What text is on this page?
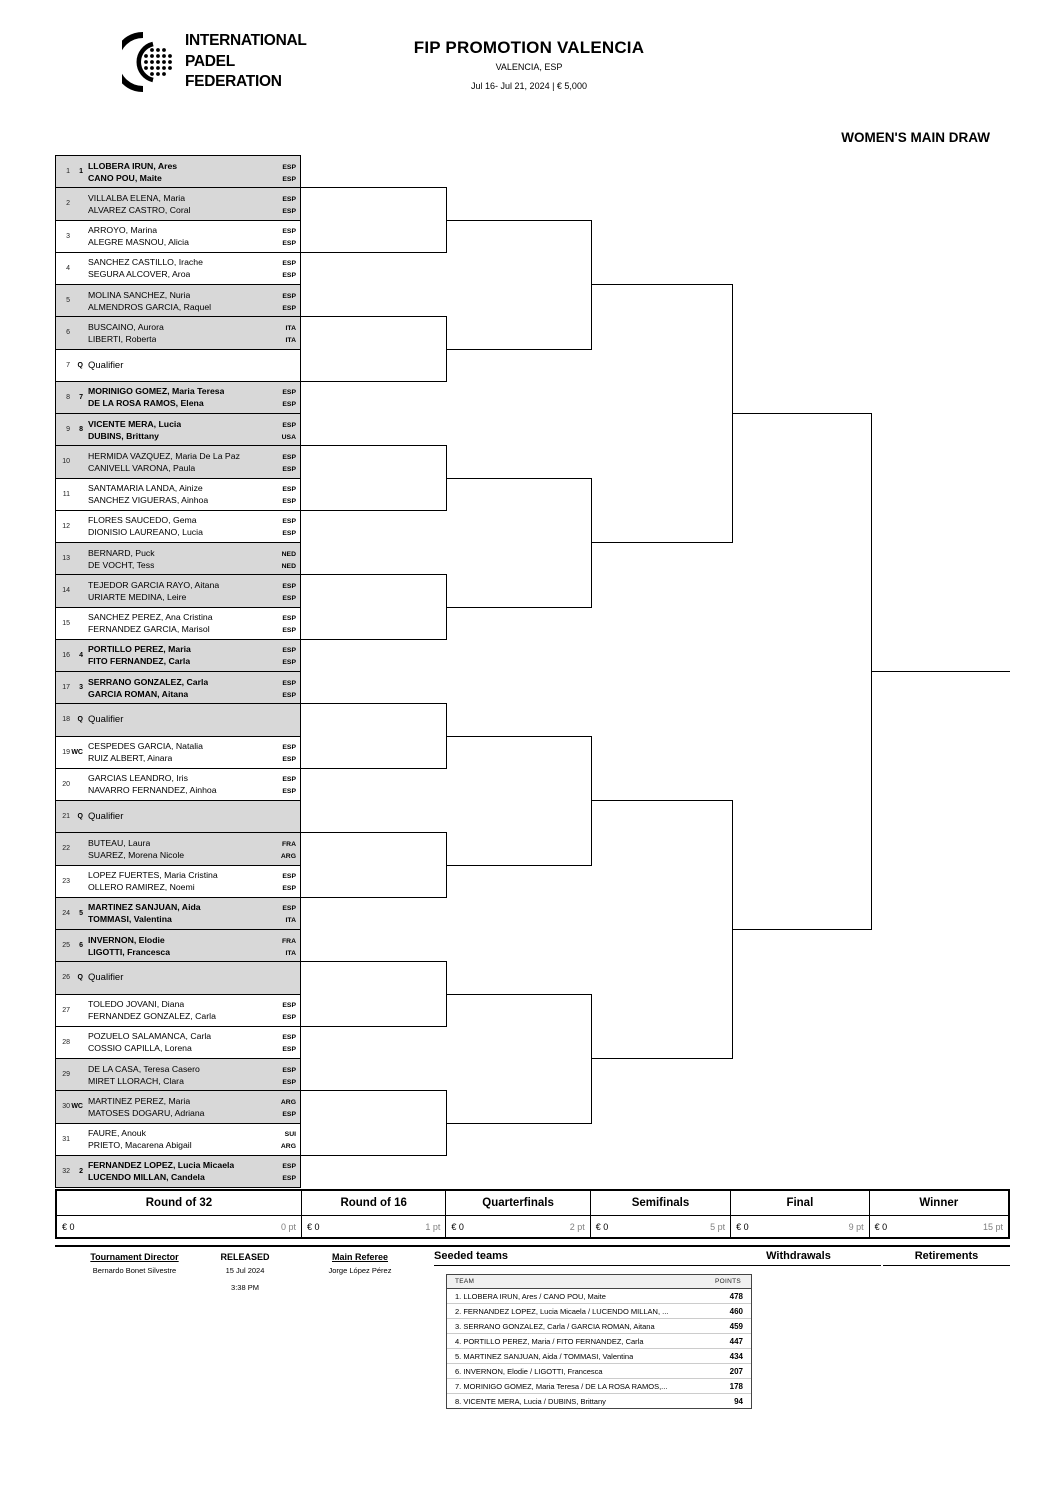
INTERNATIONAL
PADEL
FEDERATION
FIP PROMOTION VALENCIA
VALENCIA, ESP
Jul 16- Jul 21, 2024 | € 5,000
WOMEN'S MAIN DRAW
1	1
LLOBERA IRUN, Ares	ESP
CANO POU, Maite	ESP
2
VILLALBA ELENA, Maria	ESP
ALVAREZ CASTRO, Coral	ESP
3
ARROYO, Marina	ESP
ALEGRE MASNOU, Alicia	ESP
4
SANCHEZ CASTILLO, Irache	ESP
SEGURA ALCOVER, Aroa	ESP
5
MOLINA SANCHEZ, Nuria	ESP
ALMENDROS GARCIA, Raquel	ESP
6
BUSCAINO, Aurora	ITA
LIBERTI, Roberta	ITA
7	Q Qualifier
8	7
MORINIGO GOMEZ, Maria Teresa	ESP
DE LA ROSA RAMOS, Elena	ESP
9	8
VICENTE MERA, Lucia	ESP
DUBINS, Brittany	USA
10
HERMIDA VAZQUEZ, Maria De La Paz	ESP
CANIVELL VARONA, Paula	ESP
11
SANTAMARIA LANDA, Ainize	ESP
SANCHEZ VIGUERAS, Ainhoa	ESP
12
FLORES SAUCEDO, Gema	ESP
DIONISIO LAUREANO, Lucia	ESP
13
BERNARD, Puck	NED
DE VOCHT, Tess	NED
14
TEJEDOR GARCIA RAYO, Aitana	ESP
URIARTE MEDINA, Leire	ESP
15
SANCHEZ PEREZ, Ana Cristina	ESP
FERNANDEZ GARCIA, Marisol	ESP
16	4
PORTILLO PEREZ, Maria	ESP
FITO FERNANDEZ, Carla	ESP
17	3
SERRANO GONZALEZ, Carla	ESP
GARCIA ROMAN, Aitana	ESP
18	Q Qualifier
19 WC
CESPEDES GARCIA, Natalia	ESP
RUIZ ALBERT, Ainara	ESP
20
GARCIAS LEANDRO, Iris	ESP
NAVARRO FERNANDEZ, Ainhoa	ESP
21	Q Qualifier
22
BUTEAU, Laura	FRA
SUAREZ, Morena Nicole	ARG
23
LOPEZ FUERTES, Maria Cristina	ESP
OLLERO RAMIREZ, Noemi	ESP
24	5
MARTINEZ SANJUAN, Aida	ESP
TOMMASI, Valentina	ITA
25	6
INVERNON, Elodie	FRA
LIGOTTI, Francesca	ITA
26	Q Qualifier
27
TOLEDO JOVANI, Diana	ESP
FERNANDEZ GONZALEZ, Carla	ESP
28
POZUELO SALAMANCA, Carla	ESP
COSSIO CAPILLA, Lorena	ESP
29
DE LA CASA, Teresa Casero	ESP
MIRET LLORACH, Clara	ESP
30 WC
MARTINEZ PEREZ, Maria	ARG
MATOSES DOGARU, Adriana	ESP
31
FAURE, Anouk	SUI
PRIETO, Macarena Abigail	ARG
32	2
FERNANDEZ LOPEZ, Lucia Micaela	ESP
LUCENDO MILLAN, Candela	ESP
Round of 32
€ 0	0 pt
Round of 16
€ 0	1 pt
Quarterfinals
€ 0	2 pt
Semifinals
€ 0	5 pt
Final
€ 0	9 pt
Winner
€ 0	15 pt
Tournament Director
Bernardo Bonet Silvestre
RELEASED
15 Jul 2024
3:38 PM
Main Referee
Jorge López Pérez
Seeded teams	Withdrawals	Retirements
TEAM	POINTS
1. LLOBERA IRUN, Ares / CANO POU, Maite	478
2. FERNANDEZ LOPEZ, Lucia Micaela / LUCENDO MILLAN, ...	460
3. SERRANO GONZALEZ, Carla / GARCIA ROMAN, Aitana	459
4. PORTILLO PEREZ, Maria / FITO FERNANDEZ, Carla	447
5. MARTINEZ SANJUAN, Aida / TOMMASI, Valentina	434
6. INVERNON, Elodie / LIGOTTI, Francesca	207
7. MORINIGO GOMEZ, Maria Teresa / DE LA ROSA RAMOS,...	178
8. VICENTE MERA, Lucia / DUBINS, Brittany	94
